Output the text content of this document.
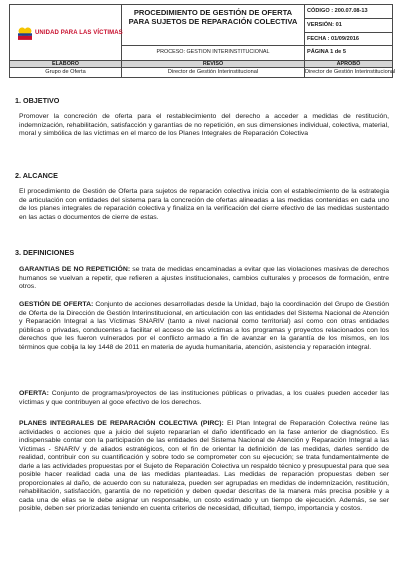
UNIDAD PARA LAS VÍCTIMAS
PROCEDIMIENTO DE GESTIÓN DE OFERTA PARA SUJETOS DE REPARACIÓN COLECTIVA
PROCESO: GESTION INTERINSTITUCIONAL
CÓDIGO : 200.07.08-13
VERSIÓN: 01
FECHA : 01/09/2016
PÁGINA 1 de 5
ELABORO
Grupo de Oferta
REVISÓ
Director de Gestión Interinstitucional
APROBÓ
Director de Gestión Interinstitucional
1. OBJETIVO
Promover la concreción de oferta para el restablecimiento del derecho a acceder a medidas de restitución, indemnización, rehabilitación, satisfacción y garantías de no repetición, en sus dimensiones individual, colectiva, material, moral y simbólica de las víctimas en el marco de los Planes Integrales de Reparación Colectiva
2. ALCANCE
El procedimiento de Gestión de Oferta para sujetos de reparación colectiva inicia con el establecimiento de la estrategia de articulación con entidades del sistema para la concreción de ofertas alineadas a las medidas contenidas en cada uno de los planes integrales de reparación colectiva y finaliza en la verificación del cierre efectivo de las medidas sustentado en las actas o documentos de cierre de estas.
3. DEFINICIONES
GARANTIAS DE NO REPETICIÓN: se trata de medidas encaminadas a evitar que las violaciones masivas de derechos humanos se vuelvan a repetir, que refieren a ajustes institucionales, cambios culturales y procesos de formación, entre otros.
GESTIÓN DE OFERTA: Conjunto de acciones desarrolladas desde la Unidad, bajo la coordinación del Grupo de Gestión de Oferta de la Dirección de Gestión Interinstitucional, en articulación con las entidades del Sistema Nacional de Atención y Reparación Integral a las Víctimas SNARIV (tanto a nivel nacional como territorial) así como con otras entidades públicas o privadas, conducentes a facilitar el acceso de las víctimas a los programas y proyectos relacionados con los derechos que les fueron vulnerados por el conflicto armado a fin de avanzar en la garantía de los mismos, en los términos que cobija la ley 1448 de 2011 en materia de ayuda humanitaria, atención, asistencia y reparación integral.
OFERTA: Conjunto de programas/proyectos de las instituciones públicas o privadas, a los cuales pueden acceder las víctimas y que contribuyen al goce efectivo de los derechos.
PLANES INTEGRALES DE REPARACIÓN COLECTIVA (PIRC): El Plan Integral de Reparación Colectiva reúne las actividades o acciones que a juicio del sujeto repararían el daño identificado en la fase anterior de diagnóstico. Es indispensable contar con la participación de las entidades del Sistema Nacional de Atención y Reparación Integral a las Víctimas - SNARIV y de aliados estratégicos, con el fin de orientar la definición de las medidas, darles sentido de realidad, contribuir con su cuantificación y sobre todo se comprometer con su ejecución; se trata fundamentalmente de darle a las actividades propuestas por el Sujeto de Reparación Colectiva un respaldo técnico y presupuestal para que sea posible hacer realidad cada una de las medidas planteadas. Las medidas de reparación propuestas deben ser proporcionales al daño, de acuerdo con su naturaleza, pueden ser agrupadas en medidas de indemnización, restitución, rehabilitación, satisfacción, garantía de no repetición y deben quedar descritas de la manera más precisa posible y a cada una de ellas se le debe asignar un responsable, un costo estimado y un tiempo de ejecución. Además, se ser posible, deben ser priorizadas teniendo en cuenta criterios de necesidad, dificultad, tiempo, importancia y costos.
